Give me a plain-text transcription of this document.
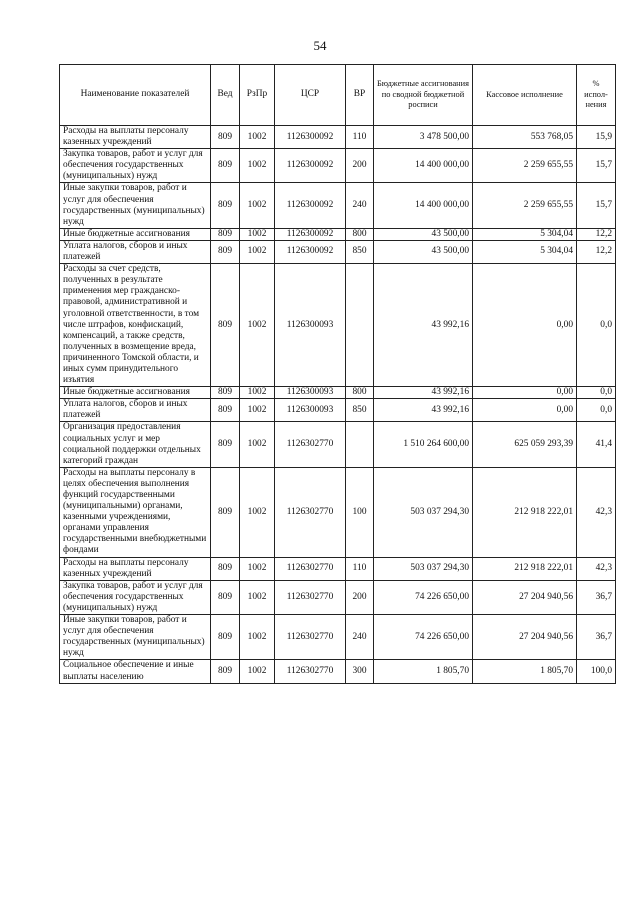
54
Наименование показателей	Вед	РзПр	ЦСР	ВР	Бюджетные ассигнования по сводной бюджетной росписи	Кассовое исполнение	% испол-нения
Расходы на выплаты персоналу казенных учреждений	809	1002	1126300092	110	3 478 500,00	553 768,05	15,9
Закупка товаров, работ и услуг для обеспечения государственных (муниципальных) нужд	809	1002	1126300092	200	14 400 000,00	2 259 655,55	15,7
Иные закупки товаров, работ и услуг для обеспечения государственных (муниципальных) нужд	809	1002	1126300092	240	14 400 000,00	2 259 655,55	15,7
Иные бюджетные ассигнования	809	1002	1126300092	800	43 500,00	5 304,04	12,2
Уплата налогов, сборов и иных платежей	809	1002	1126300092	850	43 500,00	5 304,04	12,2
Расходы за счет средств, полученных в результате применения мер гражданско-правовой, административной и уголовной ответственности, в том числе штрафов, конфискаций, компенсаций, а также средств, полученных в возмещение вреда, причиненного Томской области, и иных сумм принудительного изъятия	809	1002	1126300093		43 992,16	0,00	0,0
Иные бюджетные ассигнования	809	1002	1126300093	800	43 992,16	0,00	0,0
Уплата налогов, сборов и иных платежей	809	1002	1126300093	850	43 992,16	0,00	0,0
Организация предоставления социальных услуг и мер социальной поддержки отдельных категорий граждан	809	1002	1126302770		1 510 264 600,00	625 059 293,39	41,4
Расходы на выплаты персоналу в целях обеспечения выполнения функций государственными (муниципальными) органами, казенными учреждениями, органами управления государственными внебюджетными фондами	809	1002	1126302770	100	503 037 294,30	212 918 222,01	42,3
Расходы на выплаты персоналу казенных учреждений	809	1002	1126302770	110	503 037 294,30	212 918 222,01	42,3
Закупка товаров, работ и услуг для обеспечения государственных (муниципальных) нужд	809	1002	1126302770	200	74 226 650,00	27 204 940,56	36,7
Иные закупки товаров, работ и услуг для обеспечения государственных (муниципальных) нужд	809	1002	1126302770	240	74 226 650,00	27 204 940,56	36,7
Социальное обеспечение и иные выплаты населению	809	1002	1126302770	300	1 805,70	1 805,70	100,0
